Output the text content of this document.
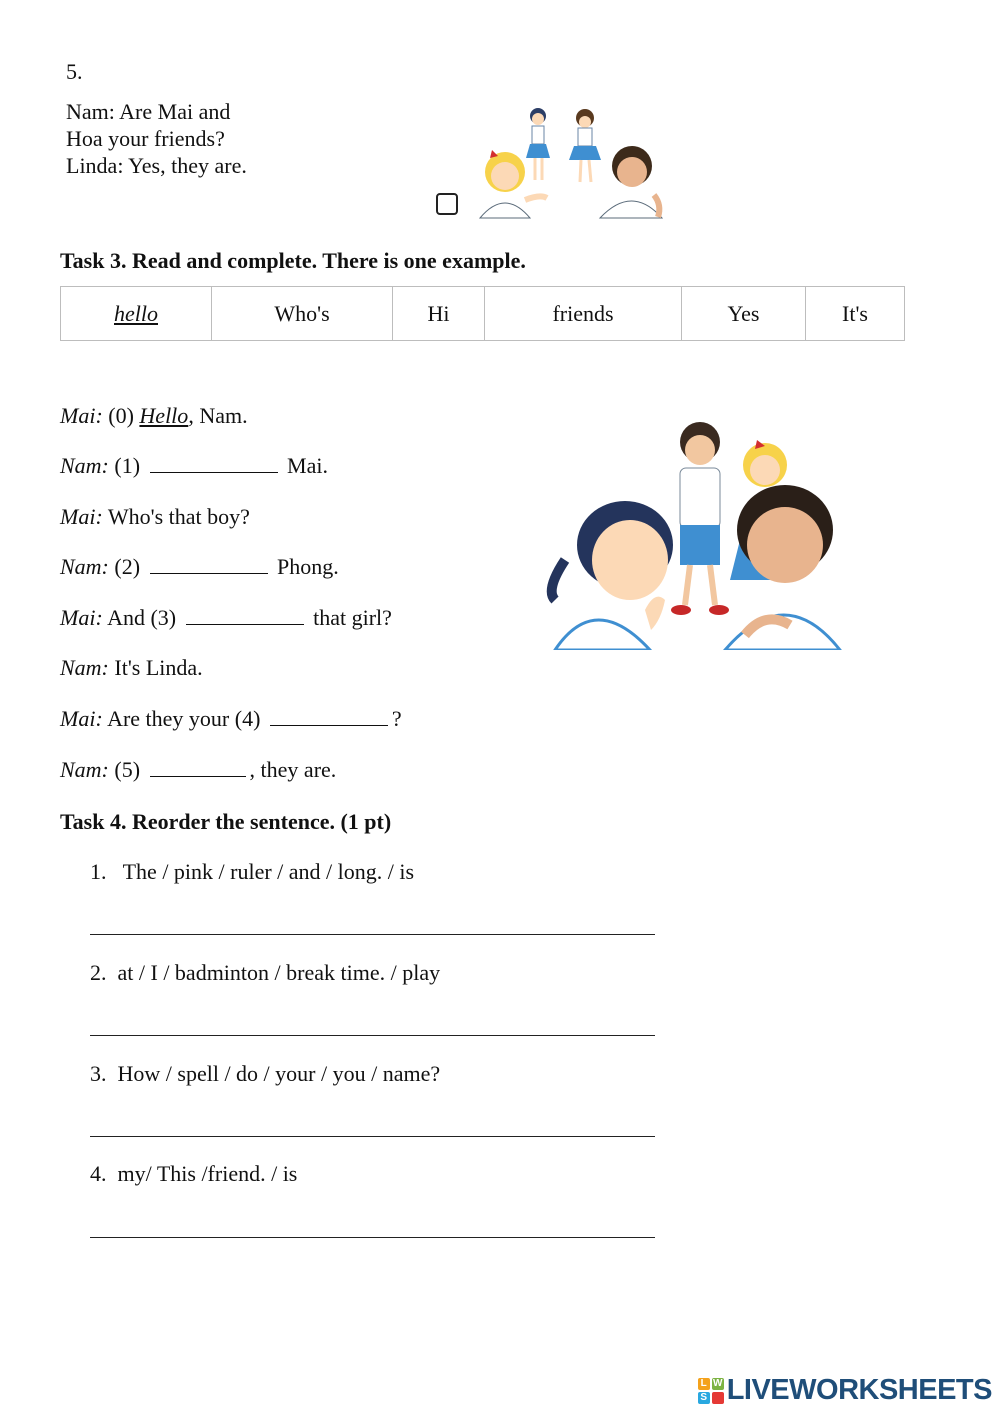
5.
Nam: Are Mai and Hoa your friends? Linda: Yes, they are.
Task 3. Read and complete. There is one example.
hello	Who's	Hi	friends	Yes	It's
Mai: (0) Hello, Nam.
Nam: (1)	Mai.
Mai: Who's that boy?
Nam: (2)	Phong.
Mai: And (3)	that girl?
Nam: It's Linda.
Mai: Are they your (4)	?
Nam: (5)	, they are.
Task 4. Reorder the sentence. (1 pt)
1. The / pink / ruler / and / long. / is
2. at / I / badminton / break time. / play
3. How / spell / do / your / you / name?
4. my/ This /friend. / is
L W
S LIVEWORKSHEETS
